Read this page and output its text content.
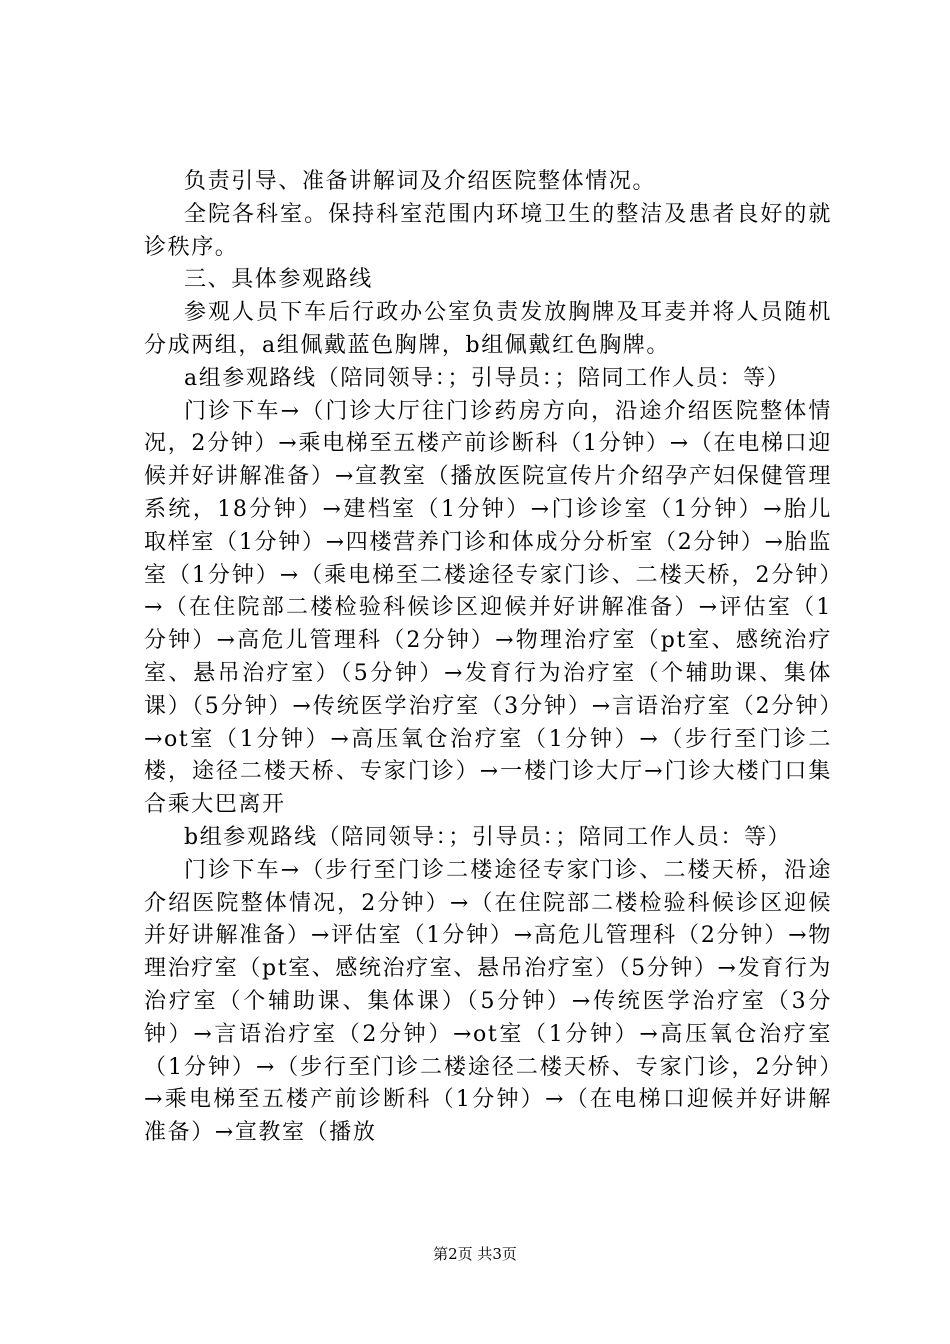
负责引导、准备讲解词及介绍医院整体情况。

全院各科室。保持科室范围内环境卫生的整洁及患者良好的就诊秩序。

三、具体参观路线

参观人员下车后行政办公室负责发放胸牌及耳麦并将人员随机分成两组，a组佩戴蓝色胸牌，b组佩戴红色胸牌。

a组参观路线（陪同领导：；引导员：；陪同工作人员：等）

门诊下车→（门诊大厅往门诊药房方向，沿途介绍医院整体情况，2分钟）→乘电梯至五楼产前诊断科（1分钟）→（在电梯口迎候并好讲解准备）→宣教室（播放医院宣传片介绍孕产妇保健管理系统，18分钟）→建档室（1分钟）→门诊诊室（1分钟）→胎儿取样室（1分钟）→四楼营养门诊和体成分分析室（2分钟）→胎监室（1分钟）→（乘电梯至二楼途径专家门诊、二楼天桥，2分钟）→（在住院部二楼检验科候诊区迎候并好讲解准备）→评估室（1分钟）→高危儿管理科（2分钟）→物理治疗室（pt室、感统治疗室、悬吊治疗室）（5分钟）→发育行为治疗室（个辅助课、集体课）（5分钟）→传统医学治疗室（3分钟）→言语治疗室（2分钟）→ot室（1分钟）→高压氧仓治疗室（1分钟）→（步行至门诊二楼，途径二楼天桥、专家门诊）→一楼门诊大厅→门诊大楼门口集合乘大巴离开

b组参观路线（陪同领导：；引导员：；陪同工作人员：等）

门诊下车→（步行至门诊二楼途径专家门诊、二楼天桥，沿途介绍医院整体情况，2分钟）→（在住院部二楼检验科候诊区迎候并好讲解准备）→评估室（1分钟）→高危儿管理科（2分钟）→物理治疗室（pt室、感统治疗室、悬吊治疗室）（5分钟）→发育行为治疗室（个辅助课、集体课）（5分钟）→传统医学治疗室（3分钟）→言语治疗室（2分钟）→ot室（1分钟）→高压氧仓治疗室（1分钟）→（步行至门诊二楼途径二楼天桥、专家门诊，2分钟）→乘电梯至五楼产前诊断科（1分钟）→（在电梯口迎候并好讲解准备）→宣教室（播放

第2页 共3页
